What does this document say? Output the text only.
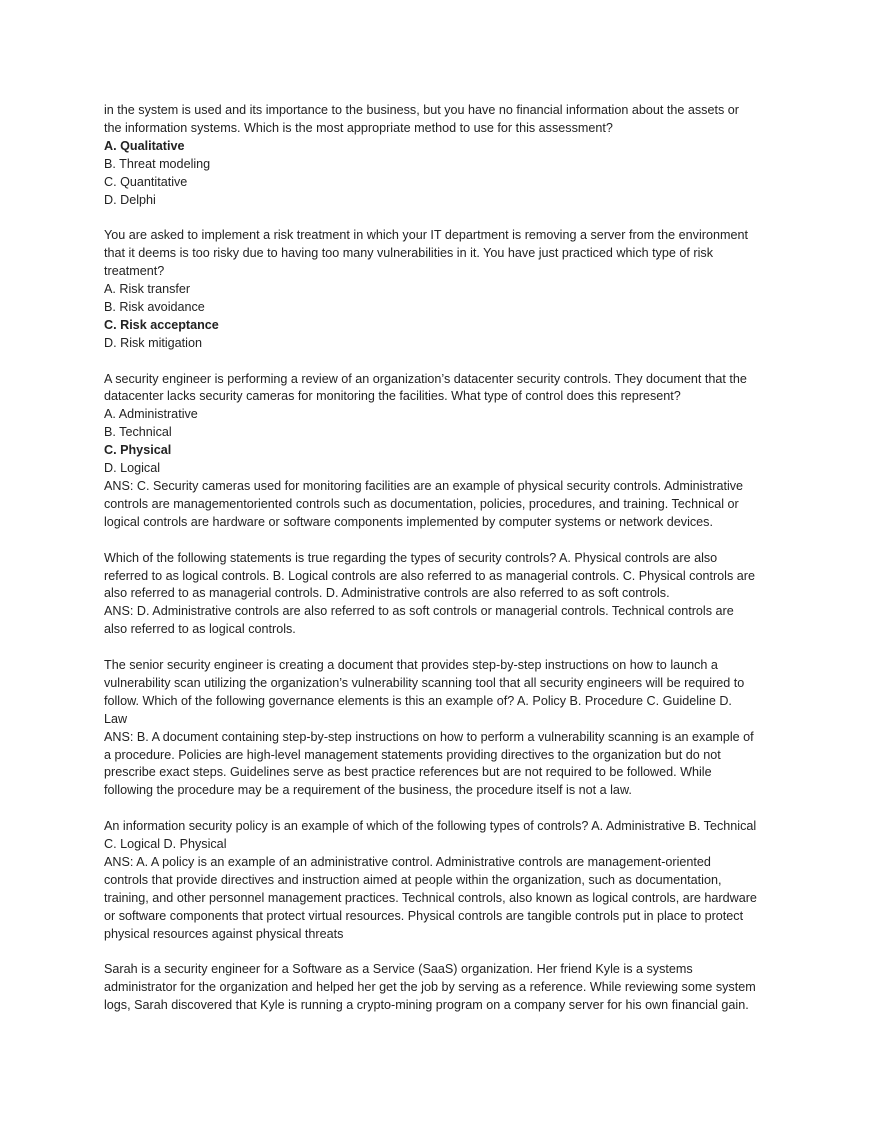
in the system is used and its importance to the business, but you have no financial information about the assets or
the information systems. Which is the most appropriate method to use for this assessment?
A. Qualitative
B. Threat modeling
C. Quantitative
D. Delphi
You are asked to implement a risk treatment in which your IT department is removing a server from the environment
that it deems is too risky due to having too many vulnerabilities in it. You have just practiced which type of risk
treatment?
A. Risk transfer
B. Risk avoidance
C. Risk acceptance
D. Risk mitigation
A security engineer is performing a review of an organization’s datacenter security controls. They document that the
datacenter lacks security cameras for monitoring the facilities. What type of control does this represent?
A. Administrative
B. Technical
C. Physical
D. Logical
ANS: C. Security cameras used for monitoring facilities are an example of physical security controls. Administrative
controls are managementoriented controls such as documentation, policies, procedures, and training. Technical or
logical controls are hardware or software components implemented by computer systems or network devices.
Which of the following statements is true regarding the types of security controls? A. Physical controls are also
referred to as logical controls. B. Logical controls are also referred to as managerial controls. C. Physical controls are
also referred to as managerial controls. D. Administrative controls are also referred to as soft controls.
ANS: D. Administrative controls are also referred to as soft controls or managerial controls. Technical controls are
also referred to as logical controls.
The senior security engineer is creating a document that provides step-by-step instructions on how to launch a
vulnerability scan utilizing the organization’s vulnerability scanning tool that all security engineers will be required to
follow. Which of the following governance elements is this an example of? A. Policy B. Procedure C. Guideline D.
Law
ANS: B. A document containing step-by-step instructions on how to perform a vulnerability scanning is an example of
a procedure. Policies are high-level management statements providing directives to the organization but do not
prescribe exact steps. Guidelines serve as best practice references but are not required to be followed. While
following the procedure may be a requirement of the business, the procedure itself is not a law.
An information security policy is an example of which of the following types of controls? A. Administrative B. Technical
C. Logical D. Physical
ANS: A. A policy is an example of an administrative control. Administrative controls are management-oriented
controls that provide directives and instruction aimed at people within the organization, such as documentation,
training, and other personnel management practices. Technical controls, also known as logical controls, are hardware
or software components that protect virtual resources. Physical controls are tangible controls put in place to protect
physical resources against physical threats
Sarah is a security engineer for a Software as a Service (SaaS) organization. Her friend Kyle is a systems
administrator for the organization and helped her get the job by serving as a reference. While reviewing some system
logs, Sarah discovered that Kyle is running a crypto-mining program on a company server for his own financial gain.
